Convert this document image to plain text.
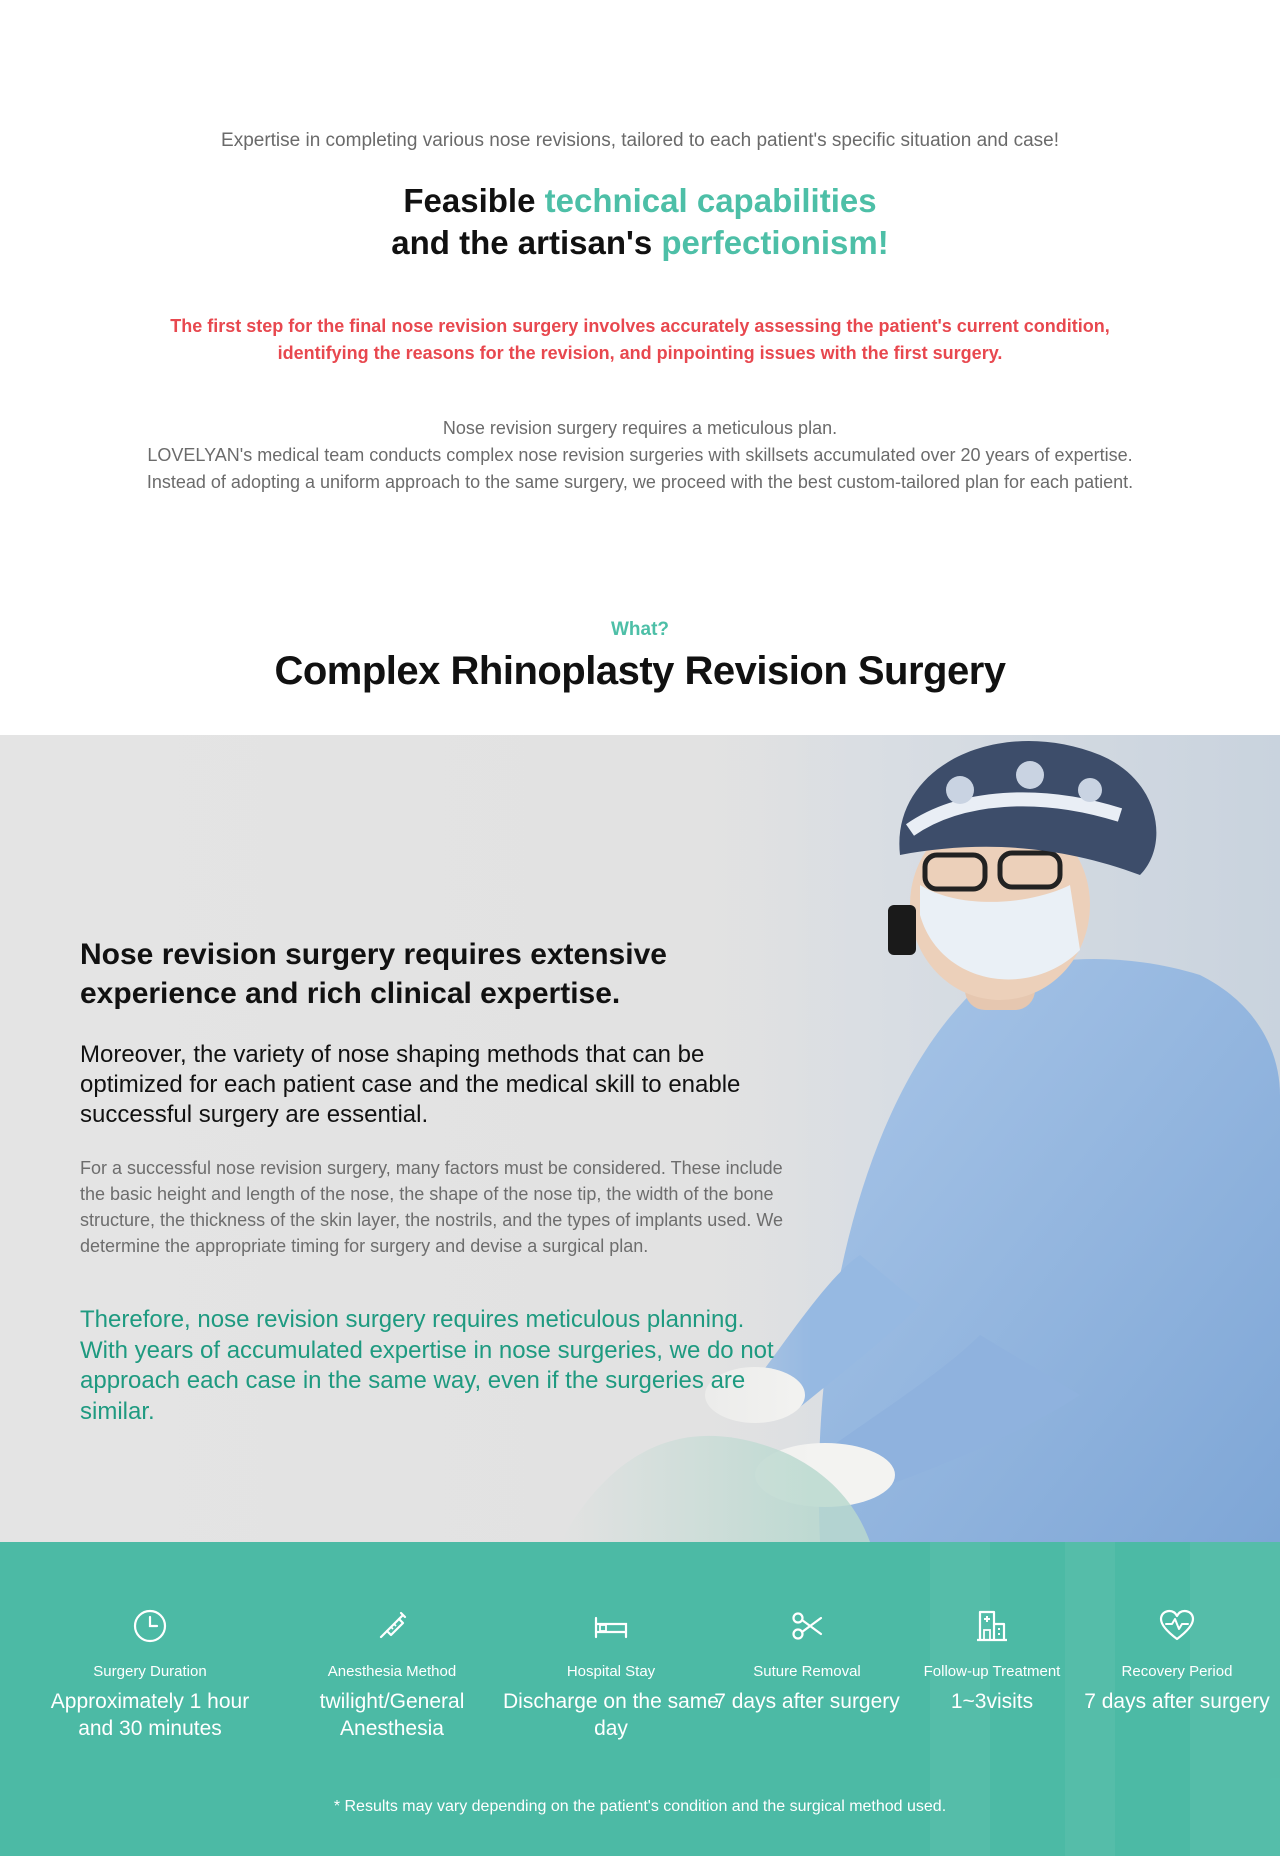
Expertise in completing various nose revisions, tailored to each patient's specific situation and case!

Feasible technical capabilities
and the artisan's perfectionism!

The first step for the final nose revision surgery involves accurately assessing the patient's current condition, identifying the reasons for the revision, and pinpointing issues with the first surgery.

Nose revision surgery requires a meticulous plan.

LOVELYAN's medical team conducts complex nose revision surgeries with skillsets accumulated over 20 years of expertise. Instead of adopting a uniform approach to the same surgery, we proceed with the best custom-tailored plan for each patient.

What?

Complex Rhinoplasty Revision Surgery
Nose revision surgery requires extensive experience and rich clinical expertise.

Moreover, the variety of nose shaping methods that can be optimized for each patient case and the medical skill to enable successful surgery are essential.

For a successful nose revision surgery, many factors must be considered. These include the basic height and length of the nose, the shape of the nose tip, the width of the bone structure, the thickness of the skin layer, the nostrils, and the types of implants used. We determine the appropriate timing for surgery and devise a surgical plan.

Therefore, nose revision surgery requires meticulous planning. With years of accumulated expertise in nose surgeries, we do not approach each case in the same way, even if the surgeries are similar.

Surgery Duration
Approximately 1 hour and 30 minutes
Anesthesia Method
twilight/General Anesthesia
Hospital Stay
Discharge on the same day
Suture Removal
7 days after surgery
Follow-up Treatment
1~3visits
Recovery Period
7 days after surgery

* Results may vary depending on the patient's condition and the surgical method used.
